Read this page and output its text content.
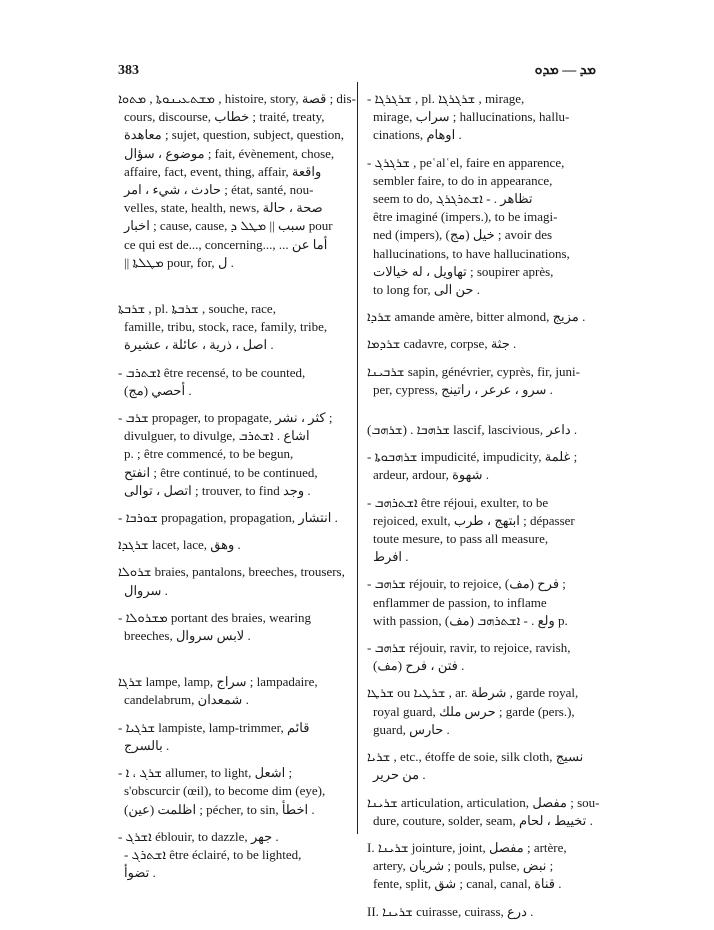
383	ܡܕ — ܡܕܘ
ܡܫܬܥܝܢܘܬܐ , ܡܬܘܐ , histoire, story, قصة ; dis-
cours, discourse, خطاب ; traité, treaty,
معاهدة ; sujet, question, subject, question,
موضوع ، سؤال ; fait, évènement, chose,
affaire, fact, event, thing, affair, واقعة
حادث ، شيء ، امر ; état, santé, nou-
velles, state, health, news, صحة ، حالة
اخبار ; cause, cause, سبب || ܡܛܠ ܕ pour
ce qui est de..., concerning..., ... أما عن
|| ܡܛܠܬܐ pour, for, ل .
ܫܪܒܬܐ , pl. ܫܪܒܬܐ , souche, race,
famille, tribu, stock, race, family, tribe,
اصل ، ذرية ، عائلة ، عشيرة .
- ܐܫܬܪܒ être recensé, to be counted,
(مج) أحصي .
- ܫܪܒ propager, to propagate, كثر ، نشر ;
divulguer, to divulge, اشاع . ܐܫܬܪܒ
p. ; être commencé, to be begun,
انفتح ; être continué, to be continued,
اتصل ، توالى ; trouver, to find وجد .
- ܫܘܪܒܐ propagation, propagation, انتشار .
ܫܪܓܕܐ lacet, lace, وهق .
ܫܪܘܠܐ braies, pantalons, breeches, trousers,
سروال .
- ܡܫܪܘܠܐ portant des braies, wearing
breeches, لابس سروال .
ܫܪܓܐ lampe, lamp, سراج ; lampadaire,
candelabrum, شمعدان .
- ܫܪܓܝܐ lampiste, lamp-trimmer, قائم
بالسرج .
- ܫܪܓ ، ܐ allumer, to light, اشعل ;
s'obscurcir (œil), to become dim (eye),
(عين) اظلمت ; pécher, to sin, اخطأ .
- ܐܫܪܓ éblouir, to dazzle, جهر .
- ܐܫܬܪܓ être éclairé, to be lighted,
تضوأ .
- ܫܪܓܪܓܐ , pl. ܫܪܓܪܓܐ , mirage,
mirage, سراب ; hallucinations, hallu-
cinations, اوهام .
- ܫܪܓܪܓ , peʿalʿel, faire en apparence,
sembler faire, to do in appearance,
seem to do, تظاهر . - ܐܫܬܪܓܪܓ
être imaginé (impers.), to be imagi-
ned (impers), (مج) خيل ; avoir des
hallucinations, to have hallucinations,
تهاويل ، له خيالات ; soupirer après,
to long for, حن الى .
ܫܪܕܐ amande amère, bitter almond, مزيج .
ܫܪܕܡܐ cadavre, corpse, جثة .
ܫܪܒܝܢܐ sapin, génévrier, cyprès, fir, juni-
per, cypress, سرو ، عرعر ، راتينج .
(ܫܪܗܒ) . ܫܪܗܒܐ lascif, lascivious, داعر .
- ܫܪܗܒܘܬܐ impudicité, impudicity, غلمة ;
ardeur, ardour, شهوة .
- ܐܫܬܪܗܒ être réjoui, exulter, to be
rejoiced, exult, ابتهج ، طرب ; dépasser
toute mesure, to pass all measure,
افرط .
- ܫܪܗܒ réjouir, to rejoice, (مف) فرح ;
enflammer de passion, to inflame
with passion, (مف) ولع . - ܐܫܬܪܗܒ p.
- ܫܪܗܒ réjouir, ravir, to rejoice, ravish,
(مف) فتن ، فرح .
ܫܪܛܐ ou ܫܪܛܝܐ , ar. شرطة , garde royal,
royal guard, حرس ملك ; garde (pers.),
guard, حارس .
ܫܪܝܐ , etc., étoffe de soie, silk cloth, نسيج
من حرير .
ܫܪܝܢܐ articulation, articulation, مفصل ; sou-
dure, couture, solder, seam, تخييط ، لحام .
I. ܫܪܝܢܐ jointure, joint, مفصل ; artère,
artery, شريان ; pouls, pulse, نبض ;
fente, split, شق ; canal, canal, قناة .
II. ܫܪܝܢܐ cuirasse, cuirass, درع .
